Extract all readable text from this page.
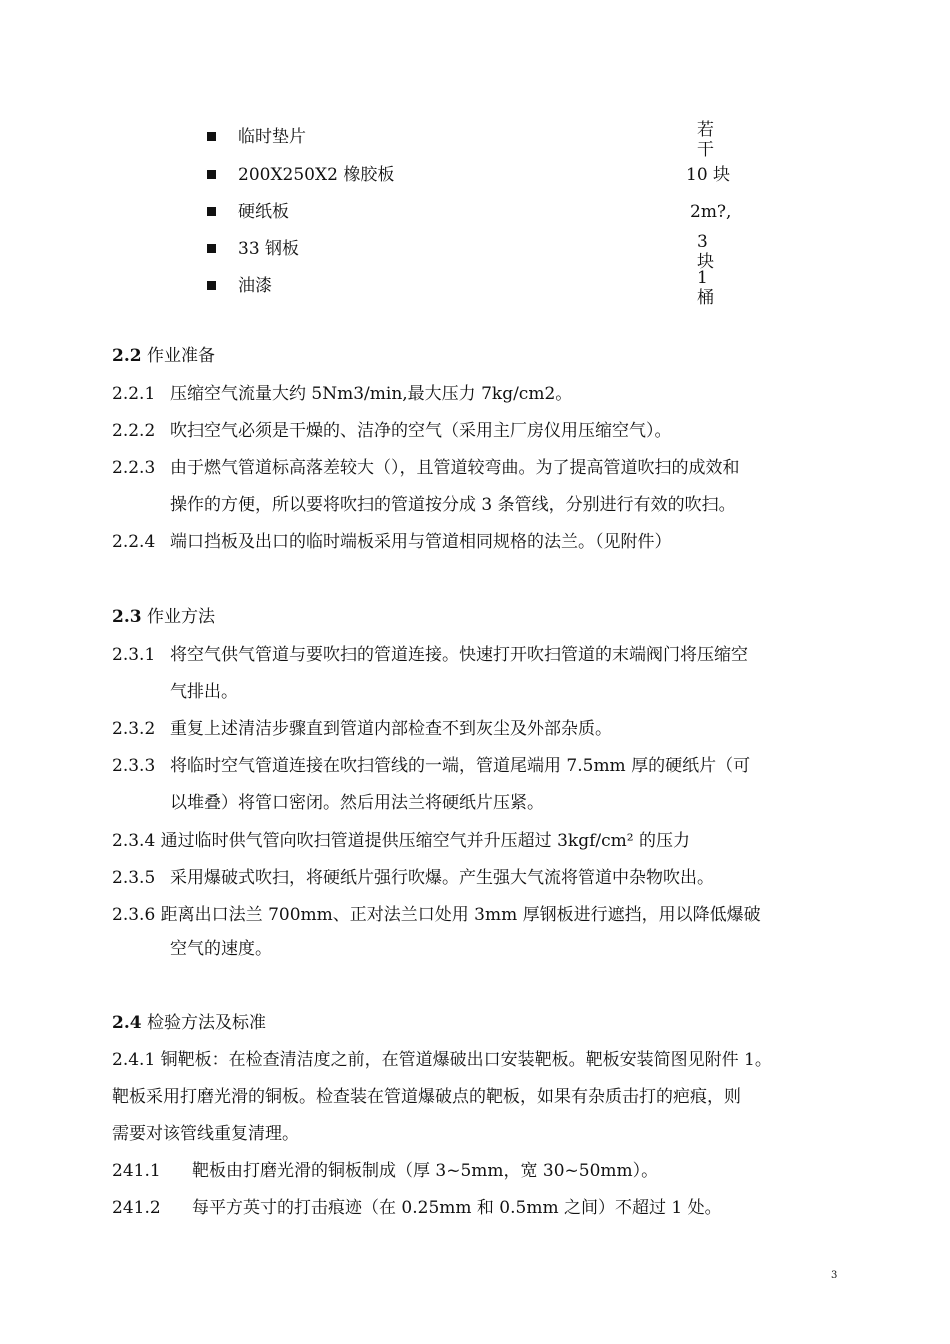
临时垫片	若干
200X250X2 橡胶板	10 块
硬纸板	2m?,
33 钢板	3块
油漆	1桶
2.2 作业准备
2.2.1 压缩空气流量大约 5Nm3/min,最大压力 7kg/cm2。
2.2.2 吹扫空气必须是干燥的、洁净的空气（采用主厂房仪用压缩空气）。
2.2.3 由于燃气管道标高落差较大（），且管道较弯曲。为了提高管道吹扫的成效和
操作的方便，所以要将吹扫的管道按分成 3 条管线，分别进行有效的吹扫。
2.2.4 端口挡板及出口的临时端板采用与管道相同规格的法兰。（见附件）
2.3 作业方法
2.3.1 将空气供气管道与要吹扫的管道连接。快速打开吹扫管道的末端阀门将压缩空
气排出。
2.3.2 重复上述清洁步骤直到管道内部检查不到灰尘及外部杂质。
2.3.3 将临时空气管道连接在吹扫管线的一端，管道尾端用 7.5mm 厚的硬纸片（可
以堆叠）将管口密闭。然后用法兰将硬纸片压紧。
2.3.4 通过临时供气管向吹扫管道提供压缩空气并升压超过 3kgf/cm² 的压力
2.3.5 采用爆破式吹扫，将硬纸片强行吹爆。产生强大气流将管道中杂物吹出。
2.3.6 距离出口法兰 700mm、正对法兰口处用 3mm 厚钢板进行遮挡，用以降低爆破
空气的速度。
2.4 检验方法及标准
2.4.1 铜靶板：在检查清洁度之前，在管道爆破出口安装靶板。靶板安装简图见附件 1。
靶板采用打磨光滑的铜板。检查装在管道爆破点的靶板，如果有杂质击打的疤痕，则
需要对该管线重复清理。
241.1 靶板由打磨光滑的铜板制成（厚 3~5mm，宽 30~50mm）。
241.2 每平方英寸的打击痕迹（在 0.25mm 和 0.5mm 之间）不超过 1 处。
3
